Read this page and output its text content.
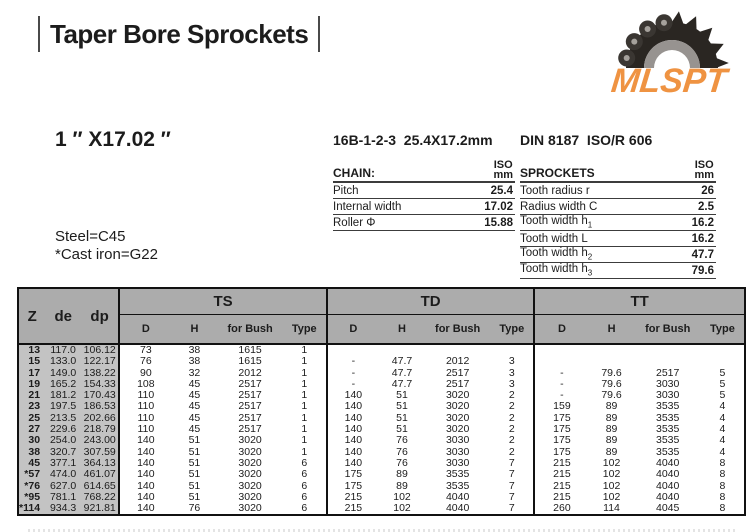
Taper Bore Sprockets
MLSPT
1 ″ X17.02 ″
Steel=C45
*Cast iron=G22
16B-1-2-3  25.4X17.2mm
CHAIN:
ISO
mm
Pitch	25.4
Internal width	17.02
Roller Φ	15.88
DIN 8187  ISO/R 606
SPROCKETS
ISO
mm
Tooth radius r	26
Radius width C	2.5
Tooth width $h_1$	16.2
Tooth width L	16.2
Tooth width $h_2$	47.7
Tooth width $h_3$	79.6
Z de dp			TS				TD				TT			
			D	H	for Bush	Type	D	H	for Bush	Type	D	H	for Bush	Type
13	117.0	106.12	73	38	1615	1								
15	133.0	122.17	76	38	1615	1	-	47.7	2012	3				
17	149.0	138.22	90	32	2012	1	-	47.7	2517	3	-	79.6	2517	5
19	165.2	154.33	108	45	2517	1	-	47.7	2517	3	-	79.6	3030	5
21	181.2	170.43	110	45	2517	1	140	51	3020	2	-	79.6	3030	5
23	197.5	186.53	110	45	2517	1	140	51	3020	2	159	89	3535	4
25	213.5	202.66	110	45	2517	1	140	51	3020	2	175	89	3535	4
27	229.6	218.79	110	45	2517	1	140	51	3020	2	175	89	3535	4
30	254.0	243.00	140	51	3020	1	140	76	3030	2	175	89	3535	4
38	320.7	307.59	140	51	3020	1	140	76	3030	2	175	89	3535	4
45	377.1	364.13	140	51	3020	6	140	76	3030	7	215	102	4040	8
*57	474.0	461.07	140	51	3020	6	175	89	3535	7	215	102	4040	8
*76	627.0	614.65	140	51	3020	6	175	89	3535	7	215	102	4040	8
*95	781.1	768.22	140	51	3020	6	215	102	4040	7	215	102	4040	8
*114	934.3	921.81	140	76	3020	6	215	102	4040	7	260	114	4045	8
